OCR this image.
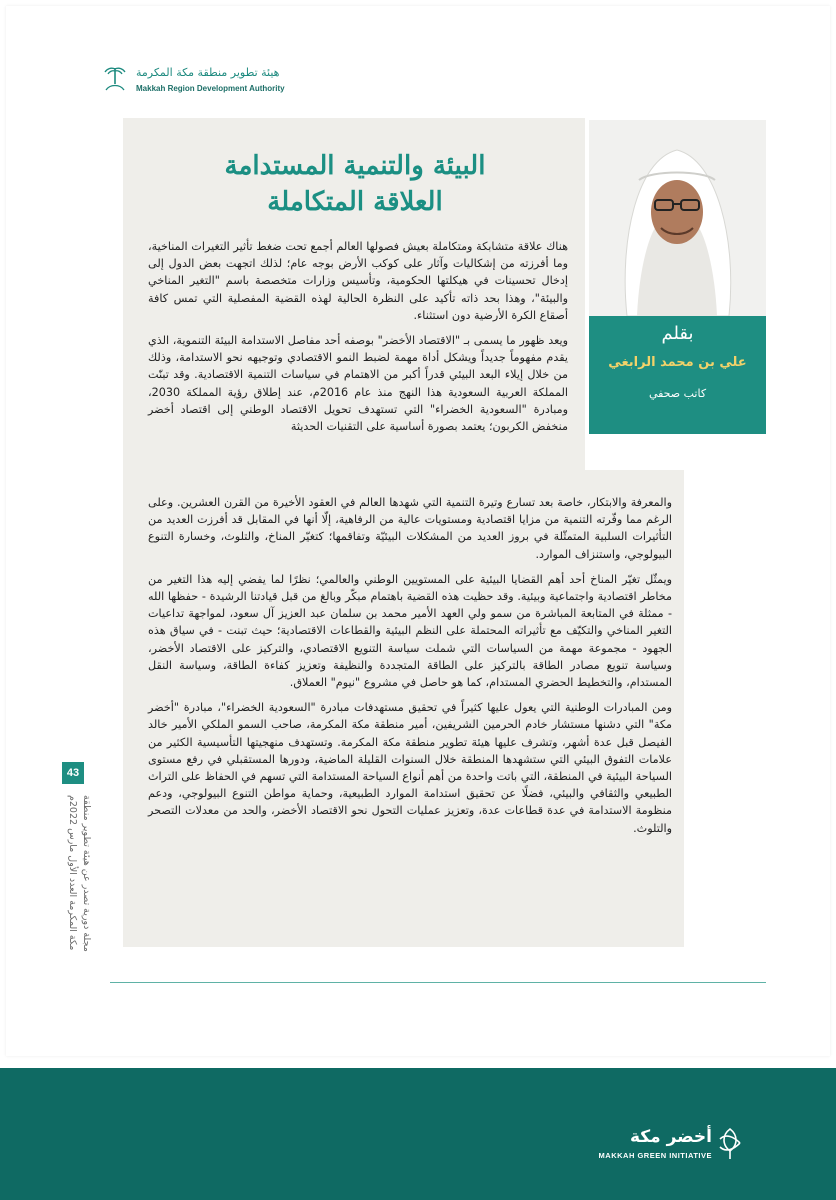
هيئة تطوير منطقة مكة المكرمة
Makkah Region Development Authority
البيئة والتنمية المستدامة
العلاقة المتكاملة

هناك علاقة متشابكة ومتكاملة بعيش فصولها العالم أجمع تحت ضغط تأثير التغيرات المناخية، وما أفرزته من إشكاليات وآثار على كوكب الأرض بوجه عام؛ لذلك اتجهت بعض الدول إلى إدخال تحسينات في هيكلتها الحكومية، وتأسيس وزارات متخصصة باسم "التغير المناخي والبيئة"، وهذا بحد ذاته تأكيد على النظرة الحالية لهذه القضية المفصلية التي تمس كافة أصقاع الكرة الأرضية دون استثناء.

ويعد ظهور ما يسمى بـ "الاقتصاد الأخضر" بوصفه أحد مفاصل الاستدامة البيئة التنموية، الذي يقدم مفهوماً جديداً ويشكل أداة مهمة لضبط النمو الاقتصادي وتوجيهه نحو الاستدامة، وذلك من خلال إيلاء البعد البيئي قدراً أكبر من الاهتمام في سياسات التنمية الاقتصادية. وقد تبنّت المملكة العربية السعودية هذا النهج منذ عام 2016م، عند إطلاق رؤية المملكة 2030، ومبادرة "السعودية الخضراء" التي تستهدف تحويل الاقتصاد الوطني إلى اقتصاد أخضر منخفض الكربون؛ يعتمد بصورة أساسية على التقنيات الحديثة

والمعرفة والابتكار، خاصة بعد تسارع وتيرة التنمية التي شهدها العالم في العقود الأخيرة من القرن العشرين. وعلى الرغم مما وفّرته التنمية من مزايا اقتصادية ومستويات عالية من الرفاهية، إلّا أنها في المقابل قد أفرزت العديد من التأثيرات السلبية المتمثّلة في بروز العديد من المشكلات البيئيّة وتفاقمها؛ كتغيّر المناخ، والتلوث، وخسارة التنوع البيولوجي، واستنزاف الموارد.

ويمثّل تغيّر المناخ أحد أهم القضايا البيئية على المستويين الوطني والعالمي؛ نظرًا لما يفضي إليه هذا التغير من مخاطر اقتصادية واجتماعية وبيئية. وقد حظيت هذه القضية باهتمام مبكّر وبالغ من قبل قيادتنا الرشيدة - حفظها الله - ممثلة في المتابعة المباشرة من سمو ولي العهد الأمير محمد بن سلمان عبد العزيز آل سعود، لمواجهة تداعيات التغير المناخي والتكيّف مع تأثيراته المحتملة على النظم البيئية والقطاعات الاقتصادية؛ حيث تبنت - في سياق هذه الجهود - مجموعة مهمة من السياسات التي شملت سياسة التنويع الاقتصادي، والتركيز على الاقتصاد الأخضر، وسياسة تنويع مصادر الطاقة بالتركيز على الطاقة المتجددة والنظيفة وتعزيز كفاءة الطاقة، وسياسة النقل المستدام، والتخطيط الحضري المستدام، كما هو حاصل في مشروع "نيوم" العملاق.

ومن المبادرات الوطنية التي يعول عليها كثيراً في تحقيق مستهدفات مبادرة "السعودية الخضراء"، مبادرة "أخضر مكة" التي دشنها مستشار خادم الحرمين الشريفين، أمير منطقة مكة المكرمة، صاحب السمو الملكي الأمير خالد الفيصل قبل عدة أشهر، وتشرف عليها هيئة تطوير منطقة مكة المكرمة. وتستهدف منهجيتها التأسيسية الكثير من علامات التفوق البيئي التي ستشهدها المنطقة خلال السنوات القليلة الماضية، ودورها المستقبلي في رفع مستوى السياحة البيئية في المنطقة، التي باتت واحدة من أهم أنواع السياحة المستدامة التي تسهم في الحفاظ على التراث الطبيعي والثقافي والبيئي، فضلًا عن تحقيق استدامة الموارد الطبيعية، وحماية مواطن التنوع البيولوجي، ودعم منظومة الاستدامة في عدة قطاعات عدة، وتعزيز عمليات التحول نحو الاقتصاد الأخضر، والحد من معدلات التصحر والتلوث.

بقلم
علي بن محمد الرابغي
كاتب صحفي
43
مجلة دورية تصدر عن هيئة تطوير منطقة
مكة المكرمة العدد الأول مارس 2022م
أخضر مكة
MAKKAH GREEN INITIATIVE
